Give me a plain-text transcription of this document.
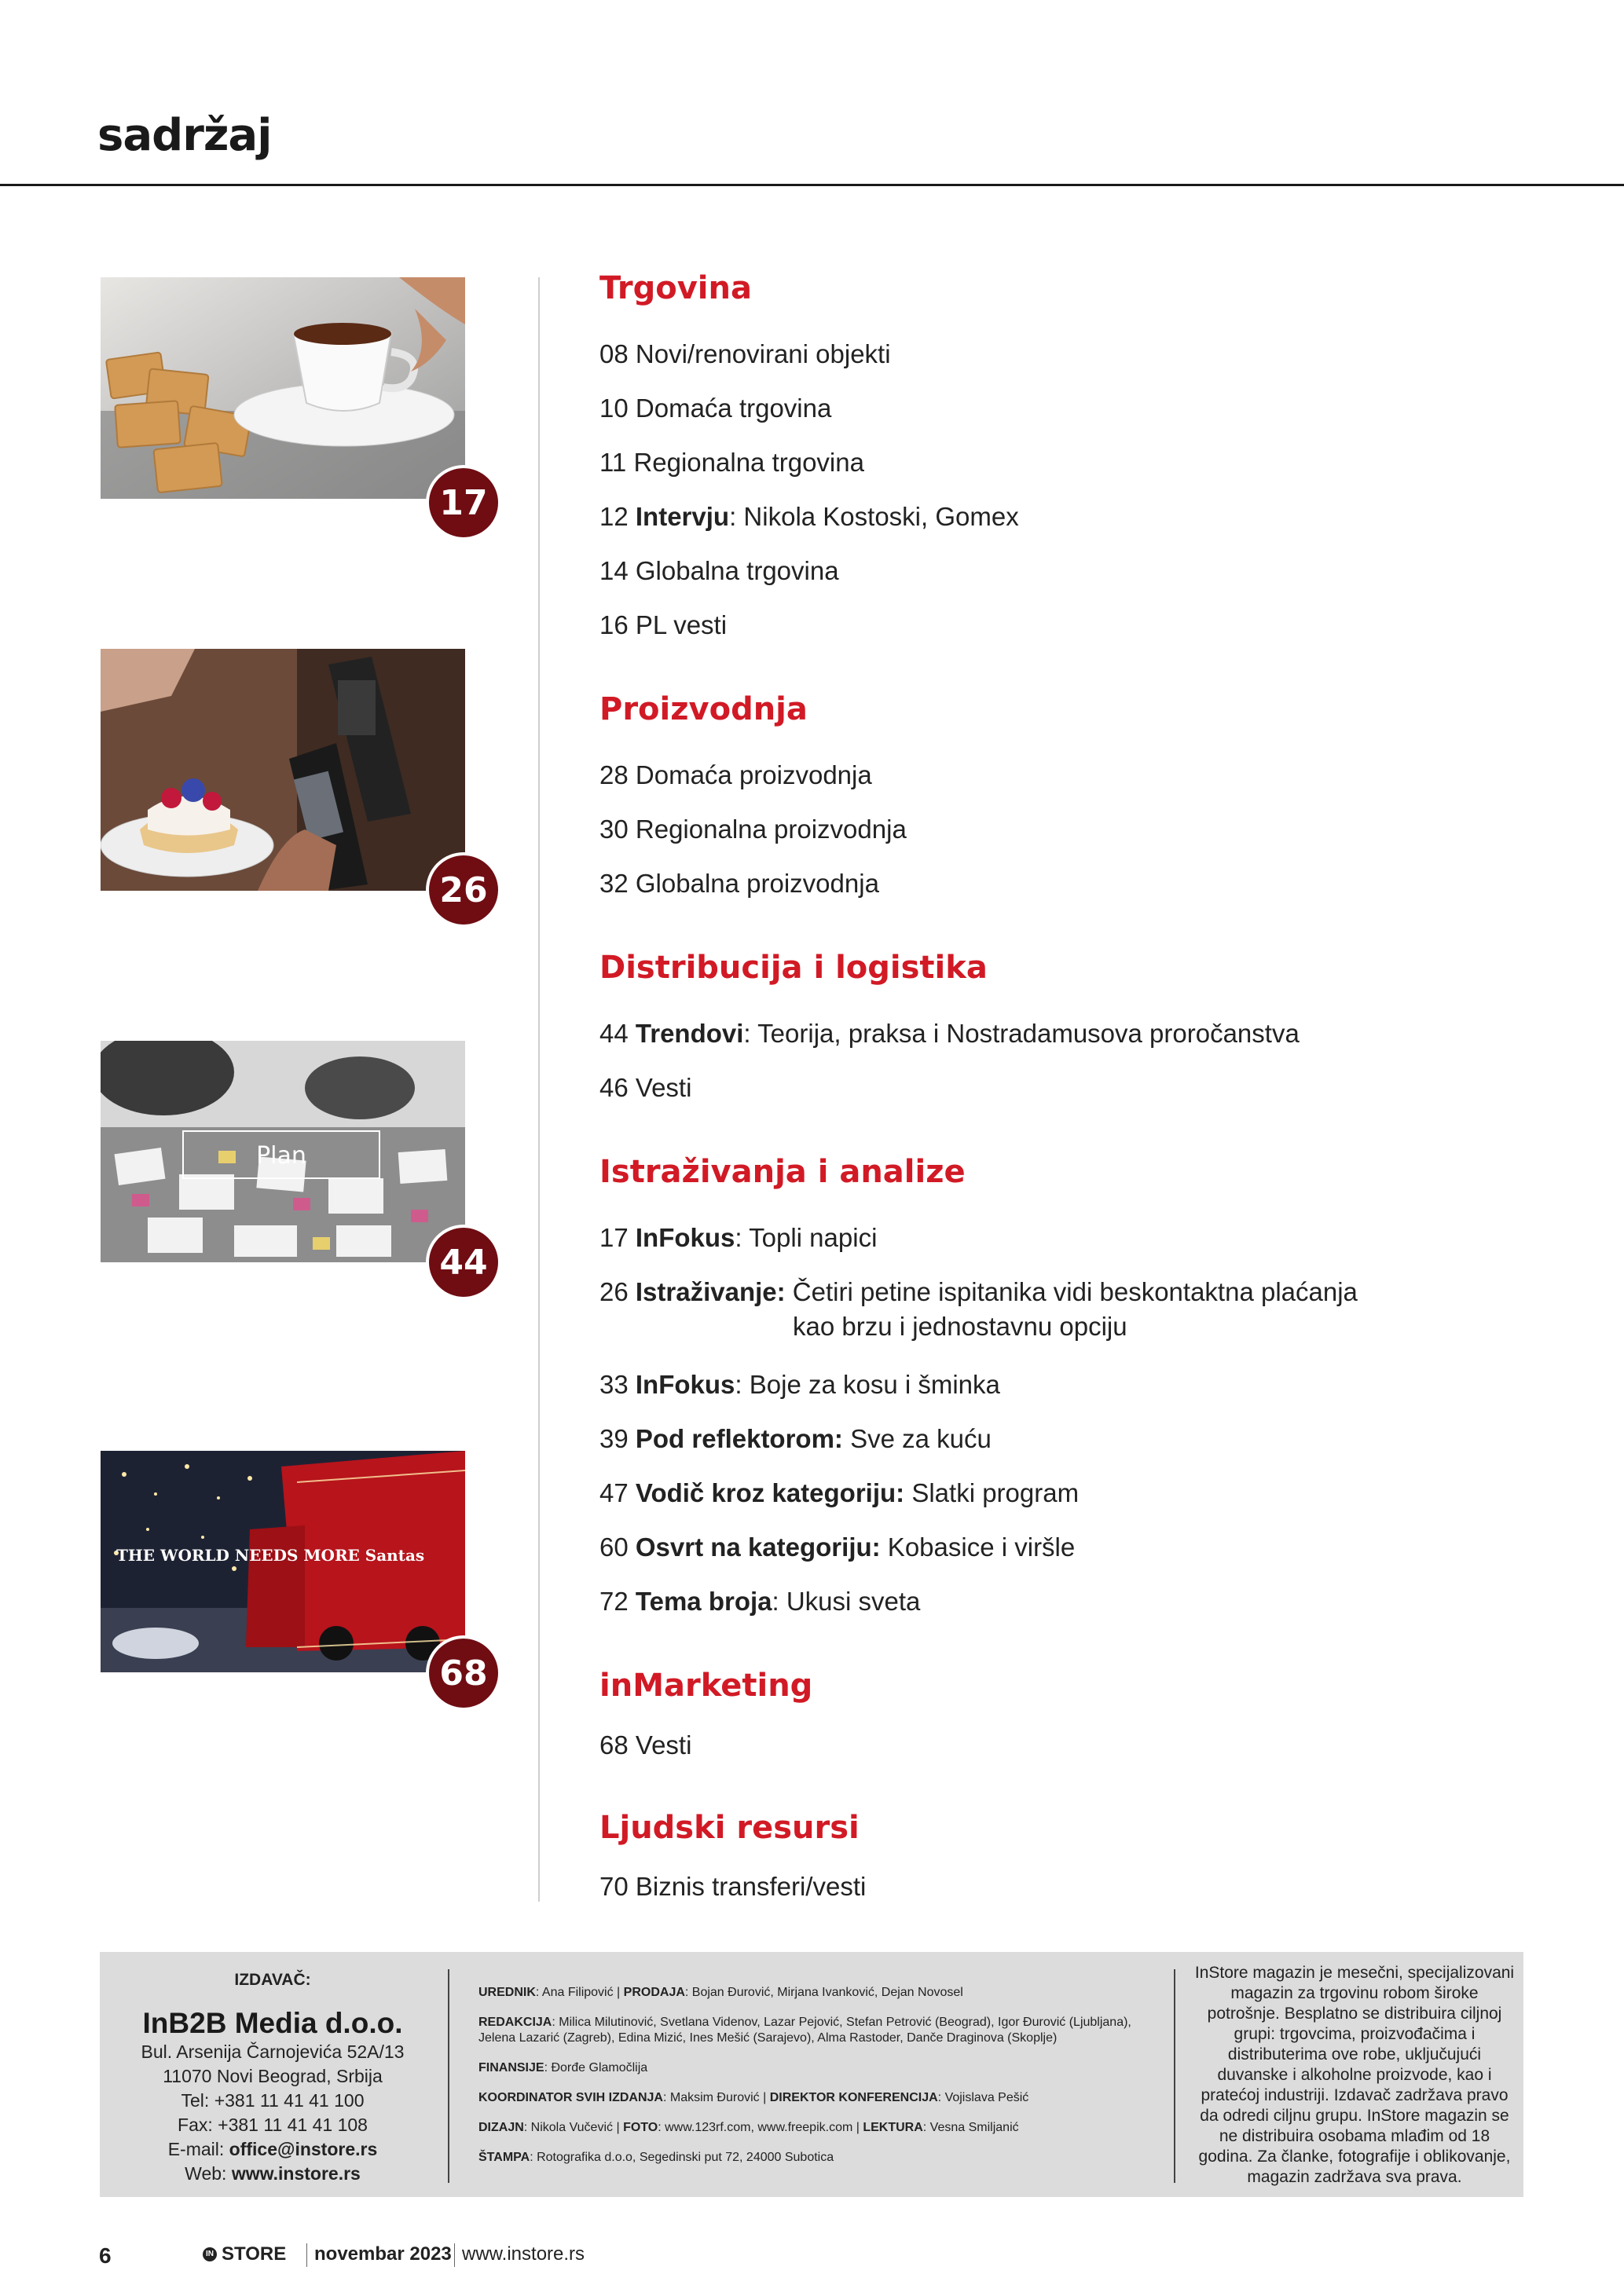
sadržaj
17
26
Plan
44
THE WORLD NEEDS MORE Santas
68
Trgovina
08 Novi/renovirani objekti
10 Domaća trgovina
11 Regionalna trgovina
12 Intervju: Nikola Kostoski, Gomex
14 Globalna trgovina
16 PL vesti
Proizvodnja
28 Domaća proizvodnja
30 Regionalna proizvodnja
32 Globalna proizvodnja
Distribucija i logistika
44 Trendovi: Teorija, praksa i Nostradamusova proročanstva
46 Vesti
Istraživanja i analize
17 InFokus: Topli napici
26 Istraživanje: Četiri petine ispitanika vidi beskontaktna plaćanja
kao brzu i jednostavnu opciju
33 InFokus: Boje za kosu i šminka
39 Pod reflektorom: Sve za kuću
47 Vodič kroz kategoriju: Slatki program
60 Osvrt na kategoriju: Kobasice i viršle
72 Tema broja: Ukusi sveta
inMarketing
68 Vesti
Ljudski resursi
70 Biznis transferi/vesti
IZDAVAČ:
InB2B Media d.o.o.
Bul. Arsenija Čarnojevića 52A/13
11070 Novi Beograd, Srbija
Tel: +381 11 41 41 100
Fax: +381 11 41 41 108
E-mail: office@instore.rs
Web: www.instore.rs
UREDNIK: Ana Filipović | PRODAJA: Bojan Đurović, Mirjana Ivanković, Dejan Novosel
REDAKCIJA: Milica Milutinović, Svetlana Videnov, Lazar Pejović, Stefan Petrović (Beograd), Igor Đurović (Ljubljana), Jelena Lazarić (Zagreb), Edina Mizić, Ines Mešić (Sarajevo), Alma Rastoder, Danče Draginova (Skoplje)
FINANSIJE: Đorđe Glamočlija
KOORDINATOR SVIH IZDANJA: Maksim Đurović | DIREKTOR KONFERENCIJA: Vojislava Pešić
DIZAJN: Nikola Vučević | FOTO: www.123rf.com, www.freepik.com | LEKTURA: Vesna Smiljanić
ŠTAMPA: Rotografika d.o.o, Segedinski put 72, 24000 Subotica
InStore magazin je mesečni, specijalizovani magazin za trgovinu robom široke potrošnje. Besplatno se distribuira ciljnoj grupi: trgovcima, proizvođačima i distributerima ove robe, uključujući duvanske i alkoholne proizvode, kao i pratećoj industriji. Izdavač zadržava pravo da odredi ciljnu grupu. InStore magazin se ne distribuira osobama mlađim od 18 godina. Za članke, fotografije i oblikovanje, magazin zadržava sva prava.
6	IN STORE novembar 2023 www.instore.rs
